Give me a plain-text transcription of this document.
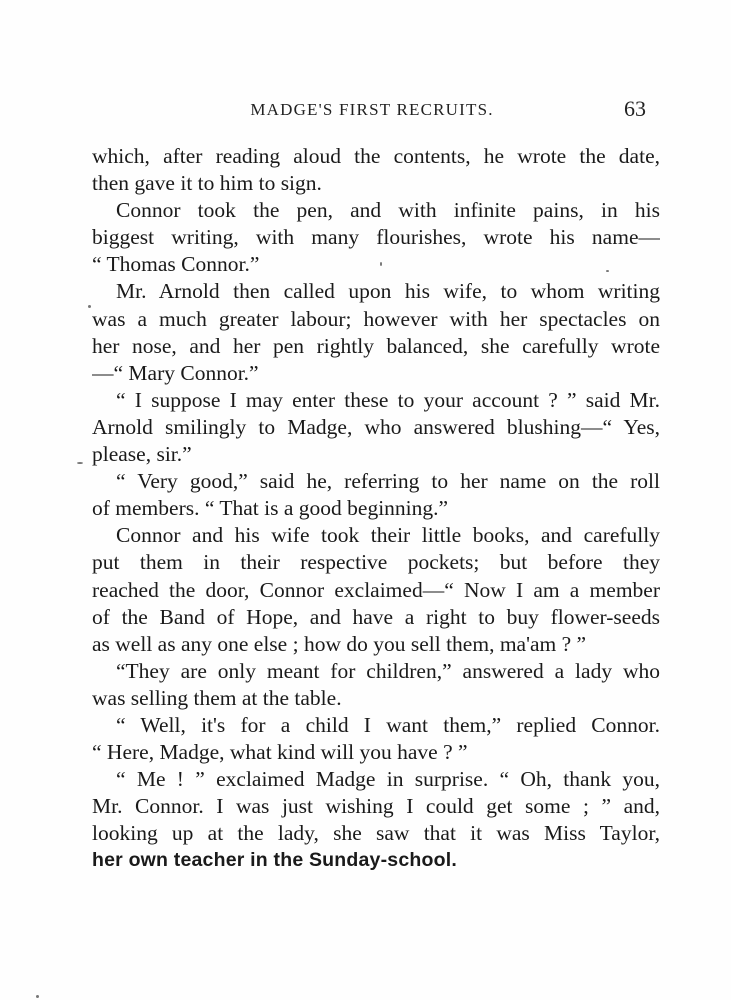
MADGE'S FIRST RECRUITS.	63
which, after reading aloud the contents, he wrote the date,
then gave it to him to sign.
Connor took the pen, and with infinite pains, in his
biggest writing, with many flourishes, wrote his name—
“ Thomas Connor.”
Mr. Arnold then called upon his wife, to whom writing
was a much greater labour; however with her spectacles on
her nose, and her pen rightly balanced, she carefully wrote
—“ Mary Connor.”
“ I suppose I may enter these to your account ? ” said Mr.
Arnold smilingly to Madge, who answered blushing—“ Yes,
please, sir.”
“ Very good,” said he, referring to her name on the roll
of members. “ That is a good beginning.”
Connor and his wife took their little books, and carefully
put them in their respective pockets; but before they
reached the door, Connor exclaimed—“ Now I am a member
of the Band of Hope, and have a right to buy flower-seeds
as well as any one else ; how do you sell them, ma'am ? ”
“They are only meant for children,” answered a lady who
was selling them at the table.
“ Well, it's for a child I want them,” replied Connor.
“ Here, Madge, what kind will you have ? ”
“ Me ! ” exclaimed Madge in surprise. “ Oh, thank you,
Mr. Connor. I was just wishing I could get some ; ” and,
looking up at the lady, she saw that it was Miss Taylor,
her own teacher in the Sunday-school.
